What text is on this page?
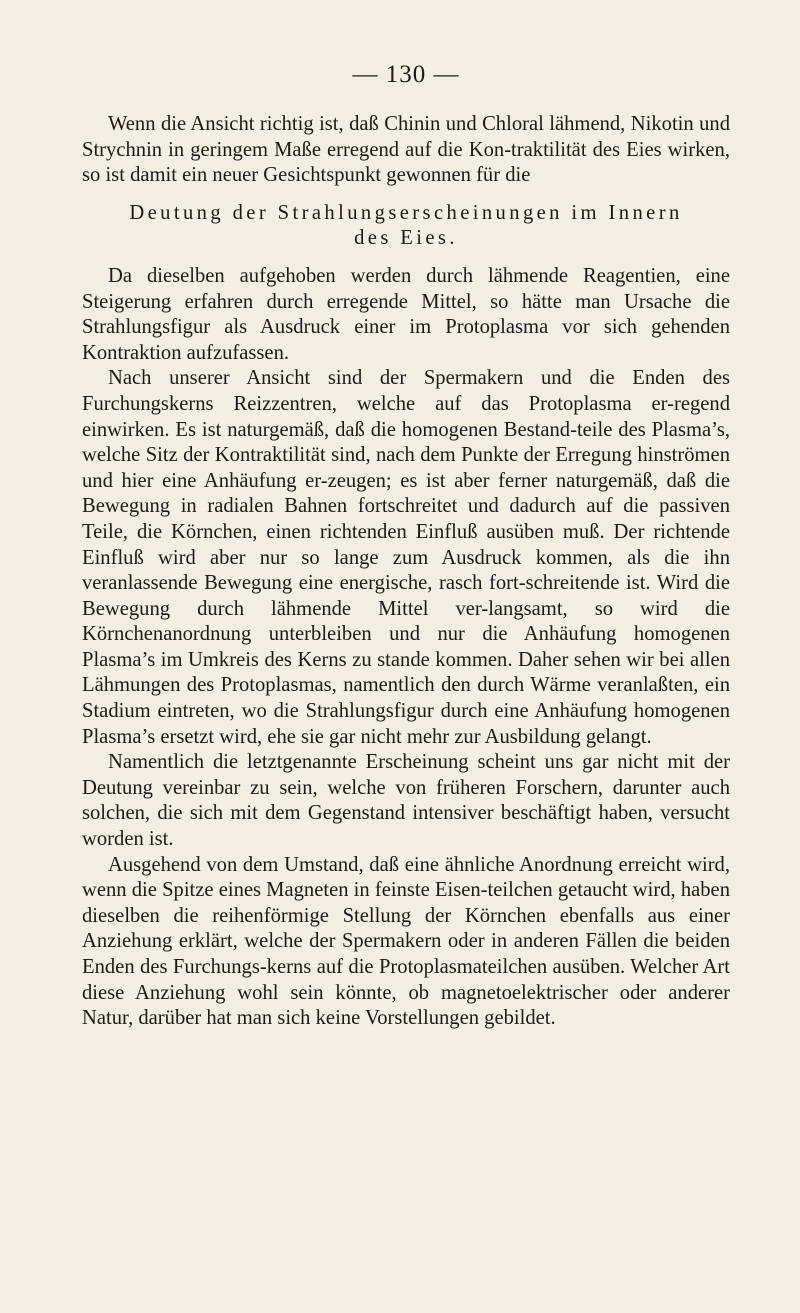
— 130 —

Wenn die Ansicht richtig ist, daß Chinin und Chloral lähmend, Nikotin und Strychnin in geringem Maße erregend auf die Kon-traktilität des Eies wirken, so ist damit ein neuer Gesichtspunkt gewonnen für die

Deutung der Strahlungserscheinungen im Innern
des Eies.

Da dieselben aufgehoben werden durch lähmende Reagentien, eine Steigerung erfahren durch erregende Mittel, so hätte man Ursache die Strahlungsfigur als Ausdruck einer im Protoplasma vor sich gehenden Kontraktion aufzufassen.

Nach unserer Ansicht sind der Spermakern und die Enden des Furchungskerns Reizzentren, welche auf das Protoplasma er-regend einwirken. Es ist naturgemäß, daß die homogenen Bestand-teile des Plasma’s, welche Sitz der Kontraktilität sind, nach dem Punkte der Erregung hinströmen und hier eine Anhäufung er-zeugen; es ist aber ferner naturgemäß, daß die Bewegung in radialen Bahnen fortschreitet und dadurch auf die passiven Teile, die Körnchen, einen richtenden Einfluß ausüben muß. Der richtende Einfluß wird aber nur so lange zum Ausdruck kommen, als die ihn veranlassende Bewegung eine energische, rasch fort-schreitende ist. Wird die Bewegung durch lähmende Mittel ver-langsamt, so wird die Körnchenanordnung unterbleiben und nur die Anhäufung homogenen Plasma’s im Umkreis des Kerns zu stande kommen. Daher sehen wir bei allen Lähmungen des Protoplasmas, namentlich den durch Wärme veranlaßten, ein Stadium eintreten, wo die Strahlungsfigur durch eine Anhäufung homogenen Plasma’s ersetzt wird, ehe sie gar nicht mehr zur Ausbildung gelangt.

Namentlich die letztgenannte Erscheinung scheint uns gar nicht mit der Deutung vereinbar zu sein, welche von früheren Forschern, darunter auch solchen, die sich mit dem Gegenstand intensiver beschäftigt haben, versucht worden ist.

Ausgehend von dem Umstand, daß eine ähnliche Anordnung erreicht wird, wenn die Spitze eines Magneten in feinste Eisen-teilchen getaucht wird, haben dieselben die reihenförmige Stellung der Körnchen ebenfalls aus einer Anziehung erklärt, welche der Spermakern oder in anderen Fällen die beiden Enden des Furchungs-kerns auf die Protoplasmateilchen ausüben. Welcher Art diese Anziehung wohl sein könnte, ob magnetoelektrischer oder anderer Natur, darüber hat man sich keine Vorstellungen gebildet.
